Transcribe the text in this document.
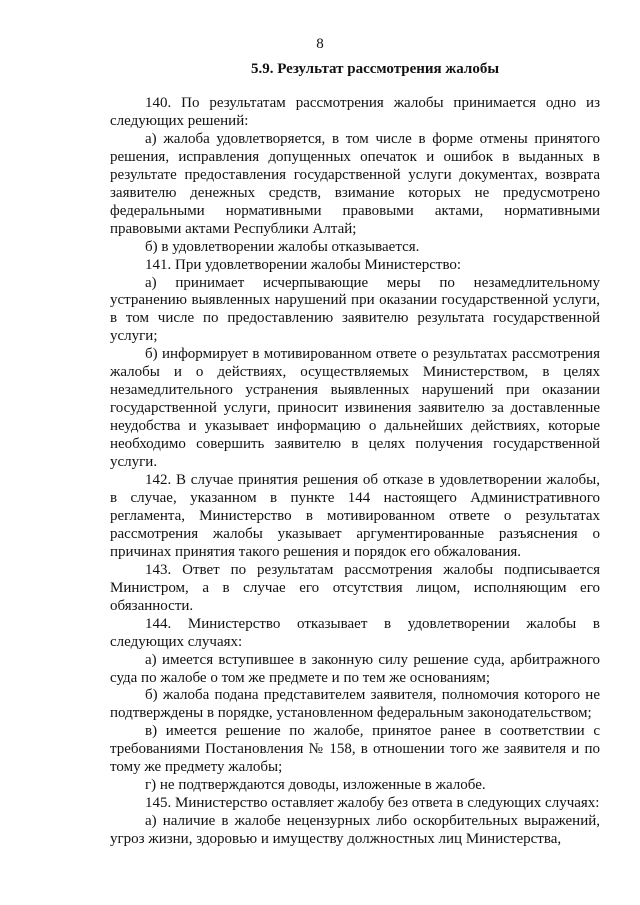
8
5.9. Результат рассмотрения жалобы

140. По результатам рассмотрения жалобы принимается одно из следующих решений:

а) жалоба удовлетворяется, в том числе в форме отмены принятого решения, исправления допущенных опечаток и ошибок в выданных в результате предоставления государственной услуги документах, возврата заявителю денежных средств, взимание которых не предусмотрено федеральными нормативными правовыми актами, нормативными правовыми актами Республики Алтай;

б) в удовлетворении жалобы отказывается.

141. При удовлетворении жалобы Министерство:

а) принимает исчерпывающие меры по незамедлительному устранению выявленных нарушений при оказании государственной услуги, в том числе по предоставлению заявителю результата государственной услуги;

б) информирует в мотивированном ответе о результатах рассмотрения жалобы и о действиях, осуществляемых Министерством, в целях незамедлительного устранения выявленных нарушений при оказании государственной услуги, приносит извинения заявителю за доставленные неудобства и указывает информацию о дальнейших действиях, которые необходимо совершить заявителю в целях получения государственной услуги.

142. В случае принятия решения об отказе в удовлетворении жалобы, в случае, указанном в пункте 144 настоящего Административного регламента, Министерство в мотивированном ответе о результатах рассмотрения жалобы указывает аргументированные разъяснения о причинах принятия такого решения и порядок его обжалования.

143. Ответ по результатам рассмотрения жалобы подписывается Министром, а в случае его отсутствия лицом, исполняющим его обязанности.

144. Министерство отказывает в удовлетворении жалобы в следующих случаях:

а) имеется вступившее в законную силу решение суда, арбитражного суда по жалобе о том же предмете и по тем же основаниям;

б) жалоба подана представителем заявителя, полномочия которого не подтверждены в порядке, установленном федеральным законодательством;

в) имеется решение по жалобе, принятое ранее в соответствии с требованиями Постановления № 158, в отношении того же заявителя и по тому же предмету жалобы;

г) не подтверждаются доводы, изложенные в жалобе.

145. Министерство оставляет жалобу без ответа в следующих случаях:

а) наличие в жалобе нецензурных либо оскорбительных выражений, угроз жизни, здоровью и имуществу должностных лиц Министерства,
